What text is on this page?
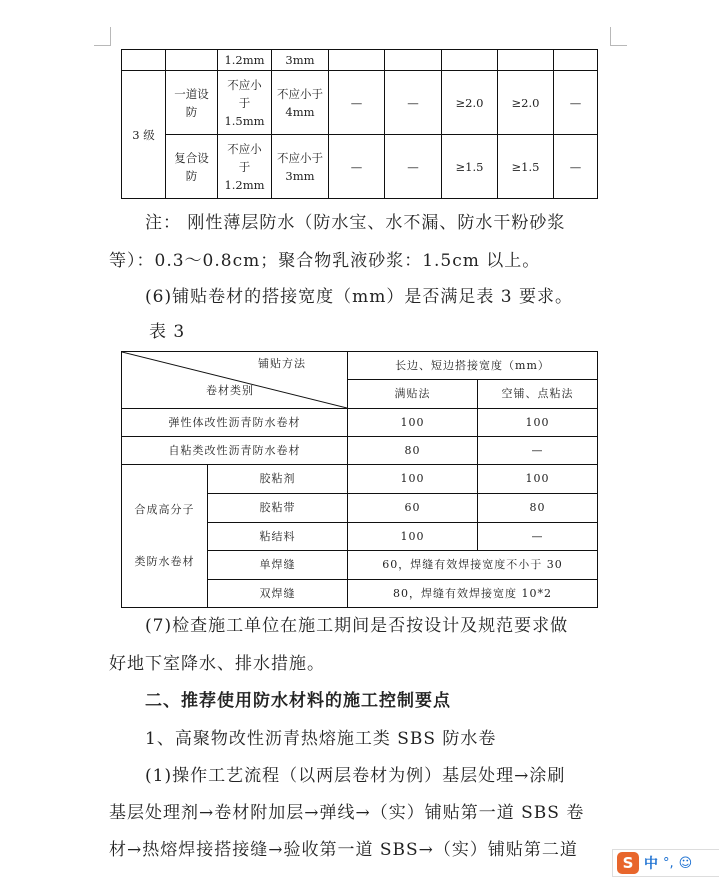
		1.2mm	3mm					
3 级	一道设防	不应小于1.5mm	不应小于4mm	—	—	≥2.0	≥2.0	—
	复合设防	不应小于1.2mm	不应小于3mm	—	—	≥1.5	≥1.5	—
注： 刚性薄层防水（防水宝、水不漏、防水干粉砂浆
等）：0.3～0.8cm；聚合物乳液砂浆：1.5cm 以上。
(6)铺贴卷材的搭接宽度（mm）是否满足表 3 要求。
表 3
铺贴方法
卷材类别		长边、短边搭接宽度（mm）	
		满贴法	空铺、点粘法
弹性体改性沥青防水卷材		100	100
自粘类改性沥青防水卷材		80	—

合成高分子
类防水卷材	胶粘剂	100	100
	胶粘带	60	80
	粘结料	100	—
	单焊缝	60，焊缝有效焊接宽度不小于 30	
	双焊缝	80，焊缝有效焊接宽度 10*2	
(7)检查施工单位在施工期间是否按设计及规范要求做
好地下室降水、排水措施。
二、推荐使用防水材料的施工控制要点
1、高聚物改性沥青热熔施工类 SBS 防水卷
(1)操作工艺流程（以两层卷材为例）基层处理→涂刷
基层处理剂→卷材附加层→弹线→（实）铺贴第一道 SBS 卷
材→热熔焊接搭接缝→验收第一道 SBS→（实）铺贴第二道
S 中 °, ☺
